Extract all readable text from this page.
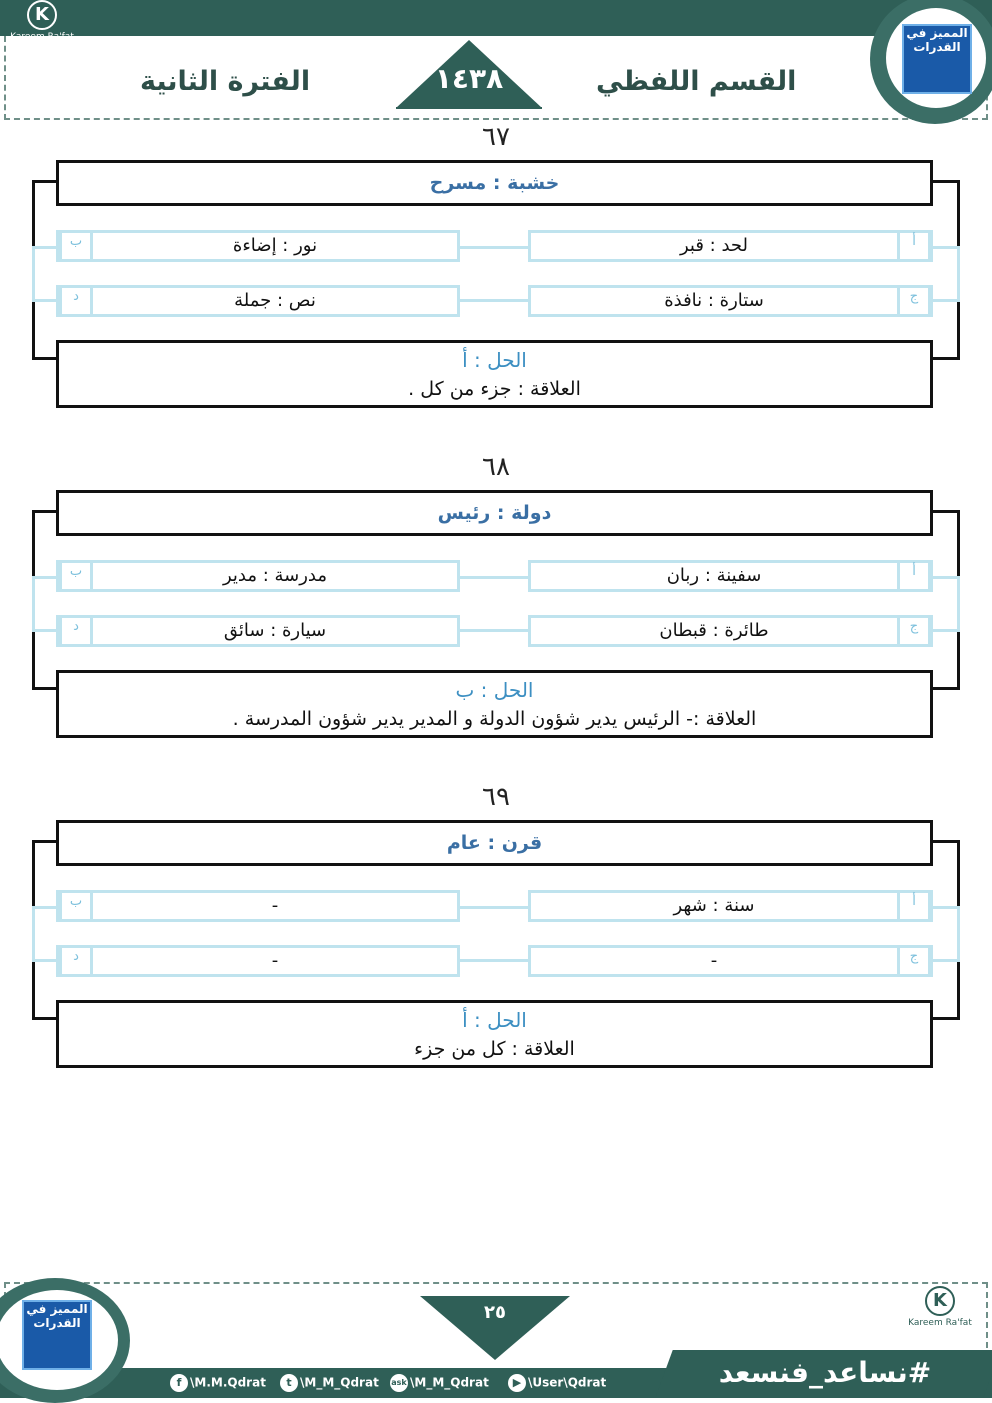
K
Kareem Ra'fat
الفترة الثانية	١٤٣٨	القسم اللفظي
المميز في القدرات
٦٧
خشبة : مسرح
لحد : قبر	أ
ب	نور : إضاءة
ستارة : نافذة	ج
د	نص : جملة
الحل : أ
العلاقة : جزء من كل .
٦٨
دولة : رئيس
سفينة : ربان	أ
ب	مدرسة : مدير
طائرة : قبطان	ج
د	سيارة : سائق
الحل : ب
العلاقة :- الرئيس يدير شؤون الدولة و المدير يدير شؤون المدرسة .
٦٩
قرن : عام
سنة : شهر	أ
ب	-
-	ج
د	-
الحل : أ
العلاقة : كل من جزء
#نساعد_فنسعد
المميز في القدرات	٢٥
K
Kareem Ra'fat
f \M.M.Qdrat	t \M_M_Qdrat ask \M_M_Qdrat	▶ \User\Qdrat
